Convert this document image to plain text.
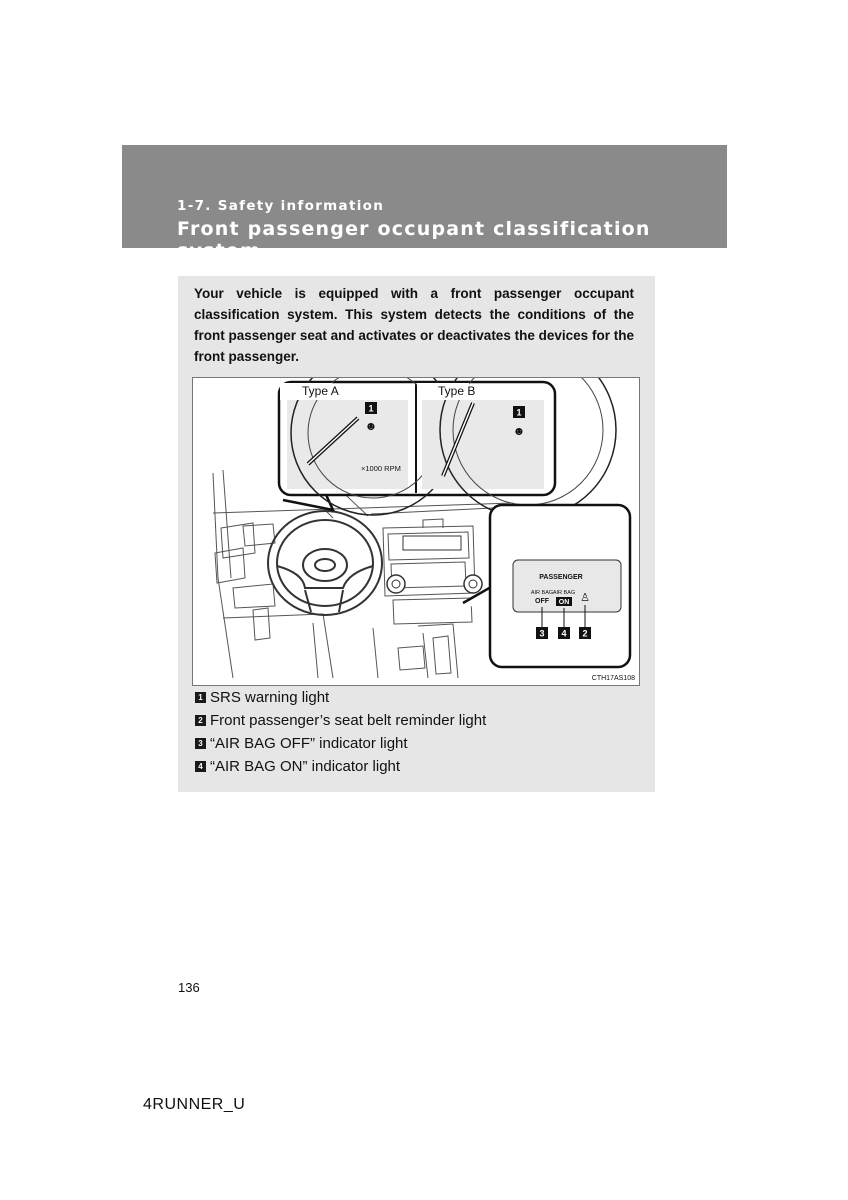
1-7. Safety information
Front passenger occupant classification system

Your vehicle is equipped with a front passenger occupant classification system. This system detects the conditions of the front passenger seat and activates or deactivates the devices for the front passenger.

Type A	Type B
×1000 RPM
1
☻
1
☻
PASSENGER
AIR BAG
OFF
AIR BAG
ON ♙
3 4 2
CTH17AS108
1 SRS warning light
2 Front passenger’s seat belt reminder light
3 “AIR BAG OFF” indicator light
4 “AIR BAG ON” indicator light
136
4RUNNER_U
